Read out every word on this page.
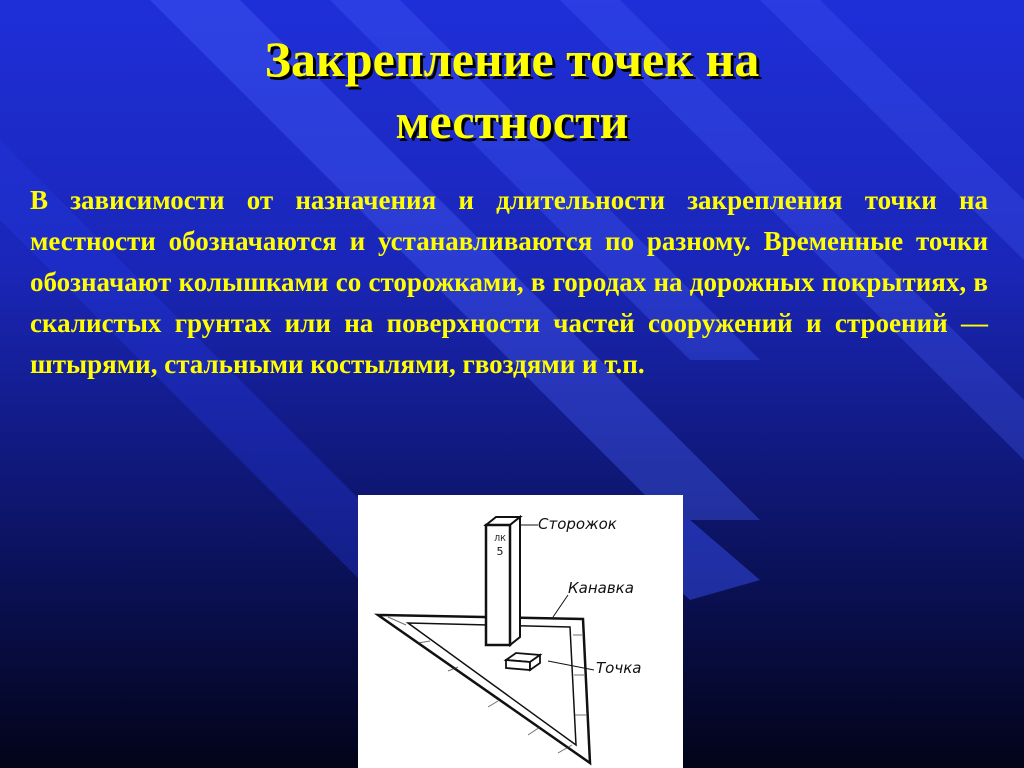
Закрепление точек на
местности

В зависимости от назначения и длительности закрепления точки на местности обозначаются и устанавливаются по разному. Временные точки обозначают колышками со сторожками, в городах на дорожных покрытиях, в скалистых грунтах или на поверхности частей сооружений и строений — штырями, стальными костылями, гвоздями и т.п.

ЛК
5
Сторожок
Канавка
Точка
